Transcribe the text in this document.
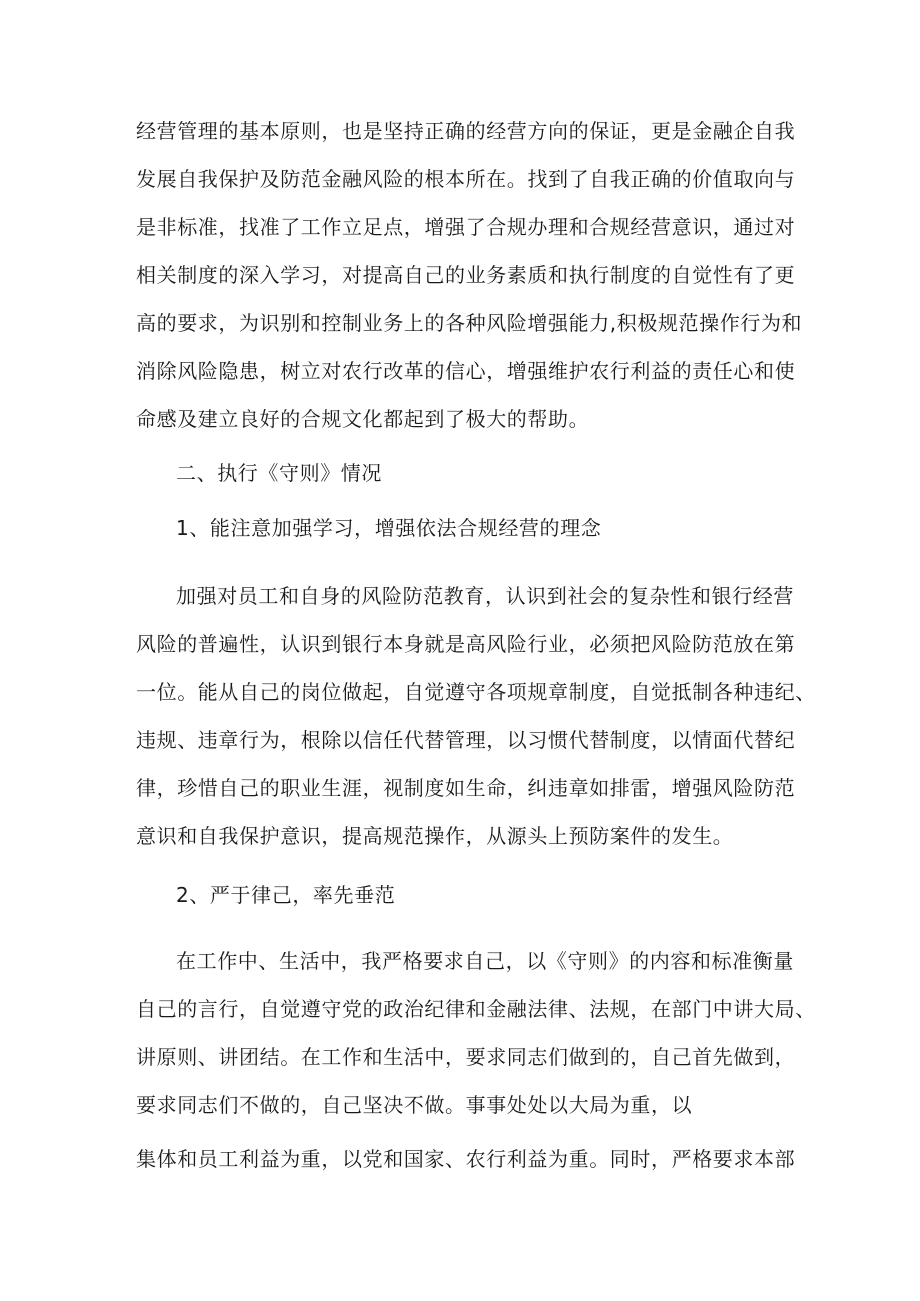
经营管理的基本原则，也是坚持正确的经营方向的保证，更是金融企自我
发展自我保护及防范金融风险的根本所在。找到了自我正确的价值取向与
是非标准，找准了工作立足点，增强了合规办理和合规经营意识，通过对
相关制度的深入学习，对提高自己的业务素质和执行制度的自觉性有了更
高的要求，为识别和控制业务上的各种风险增强能力,积极规范操作行为和
消除风险隐患，树立对农行改革的信心，增强维护农行利益的责任心和使
命感及建立良好的合规文化都起到了极大的帮助。
二、执行《守则》情况
1、能注意加强学习，增强依法合规经营的理念
加强对员工和自身的风险防范教育，认识到社会的复杂性和银行经营
风险的普遍性，认识到银行本身就是高风险行业，必须把风险防范放在第
一位。能从自己的岗位做起，自觉遵守各项规章制度，自觉抵制各种违纪、
违规、违章行为，根除以信任代替管理，以习惯代替制度，以情面代替纪
律，珍惜自己的职业生涯，视制度如生命，纠违章如排雷，增强风险防范
意识和自我保护意识，提高规范操作，从源头上预防案件的发生。
2、严于律己，率先垂范
在工作中、生活中，我严格要求自己，以《守则》的内容和标准衡量
自己的言行，自觉遵守党的政治纪律和金融法律、法规，在部门中讲大局、
讲原则、讲团结。在工作和生活中，要求同志们做到的，自己首先做到，
要求同志们不做的，自己坚决不做。事事处处以大局为重，以
集体和员工利益为重，以党和国家、农行利益为重。同时，严格要求本部
